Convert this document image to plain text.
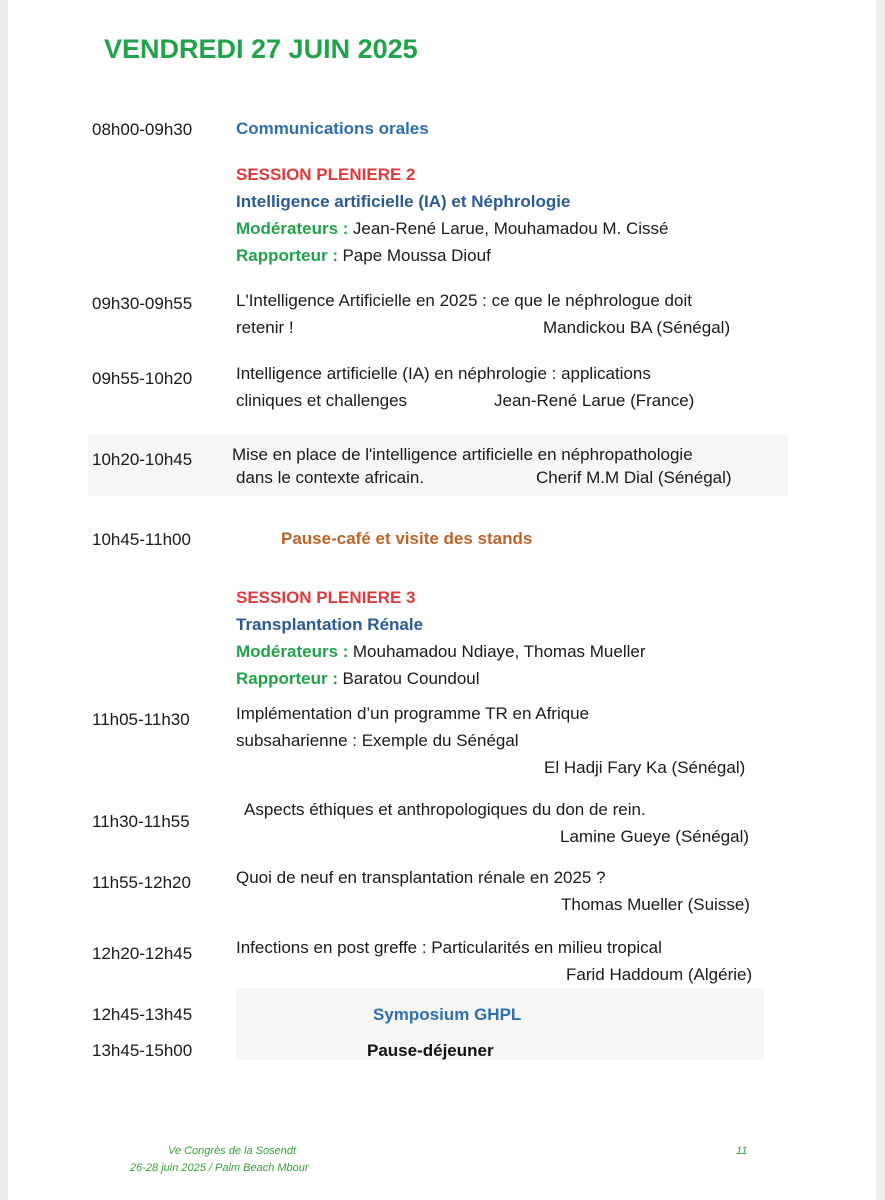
VENDREDI 27 JUIN 2025
08h00-09h30	Communications orales
SESSION PLENIERE 2
Intelligence artificielle (IA) et Néphrologie
Modérateurs : Jean-René Larue, Mouhamadou M. Cissé
Rapporteur : Pape Moussa Diouf
09h30-09h55	L'Intelligence Artificielle en 2025 : ce que le néphrologue doit
retenir !	Mandickou BA (Sénégal)
09h55-10h20	Intelligence artificielle (IA) en néphrologie : applications
cliniques et challenges	Jean-René Larue (France)
10h20-10h45 Mise en place de l'intelligence artificielle en néphropathologie
dans le contexte africain.	Cherif M.M Dial (Sénégal)
10h45-11h00	Pause-café et visite des stands
SESSION PLENIERE 3
Transplantation Rénale
Modérateurs : Mouhamadou Ndiaye, Thomas Mueller
Rapporteur : Baratou Coundoul
11h05-11h30	Implémentation d’un programme TR en Afrique
subsaharienne : Exemple du Sénégal
El Hadji Fary Ka (Sénégal)
11h30-11h55
Aspects éthiques et anthropologiques du don de rein.
Lamine Gueye (Sénégal)
11h55-12h20	Quoi de neuf en transplantation rénale en 2025 ?
Thomas Mueller (Suisse)
12h20-12h45	Infections en post greffe : Particularités en milieu tropical
Farid Haddoum (Algérie)
12h45-13h45	Symposium GHPL
13h45-15h00	Pause-déjeuner
Ve Congrès de la Sosendt
26-28 juin 2025 / Palm Beach Mbour
11
